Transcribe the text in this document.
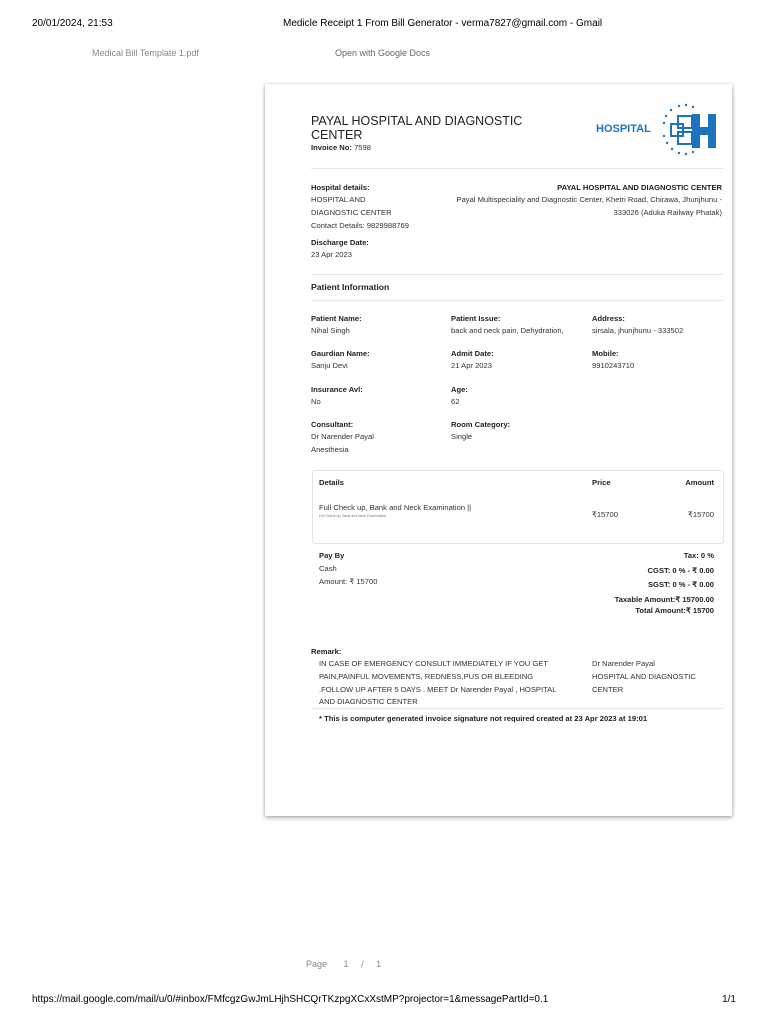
20/01/2024, 21:53	Medicle Receipt 1 From Bill Generator - verma7827@gmail.com - Gmail
Medical Bill Template 1.pdf	Open with Google Docs
PAYAL HOSPITAL AND DIAGNOSTIC
CENTER
Invoice No: 7598
HOSPITAL
Hospital details:
HOSPITAL AND
DIAGNOSTIC CENTER
Contact Details: 9829988769
PAYAL HOSPITAL AND DIAGNOSTIC CENTER
Payal Multispeciality and Diagnostic Center, Khetri Road, Chirawa, Jhunjhunu -
333026 (Aduka Railway Phatak)
Discharge Date:
23 Apr 2023
Patient Information
Patient Name:
Nihal Singh
Patient Issue:
back and neck pain, Dehydration,
Address:
sirsala, jhunjhunu - 333502
Gaurdian Name:
Sanju Devi
Admit Date:
21 Apr 2023
Mobile:
9910243710
Insurance Avl:
No
Age:
62
Consultant:
Dr Narender Payal
Anesthesia
Room Category:
Single
Details	Price	Amount
Full Check up, Bank and Neck Examination ||
Full Check up, Bank and Neck Examination	₹15700	₹15700
Pay By
Cash
Amount: ₹ 15700
Tax: 0 %
CGST: 0 % - ₹ 0.00
SGST: 0 % - ₹ 0.00
Taxable Amount:₹ 15700.00
Total Amount:₹ 15700
Remark:
IN CASE OF EMERGENCY CONSULT IMMEDIATELY IF YOU GET
PAIN,PAINFUL MOVEMENTS, REDNESS,PUS OR BLEEDING
.FOLLOW UP AFTER 5 DAYS . MEET Dr Narender Payal , HOSPITAL
AND DIAGNOSTIC CENTER
Dr Narender Payal
HOSPITAL AND DIAGNOSTIC
CENTER
* This is computer generated invoice signature not required created at 23 Apr 2023 at 19:01
Page 1 / 1
https://mail.google.com/mail/u/0/#inbox/FMfcgzGwJmLHjhSHCQrTKzpgXCxXstMP?projector=1&messagePartId=0.1	1/1
